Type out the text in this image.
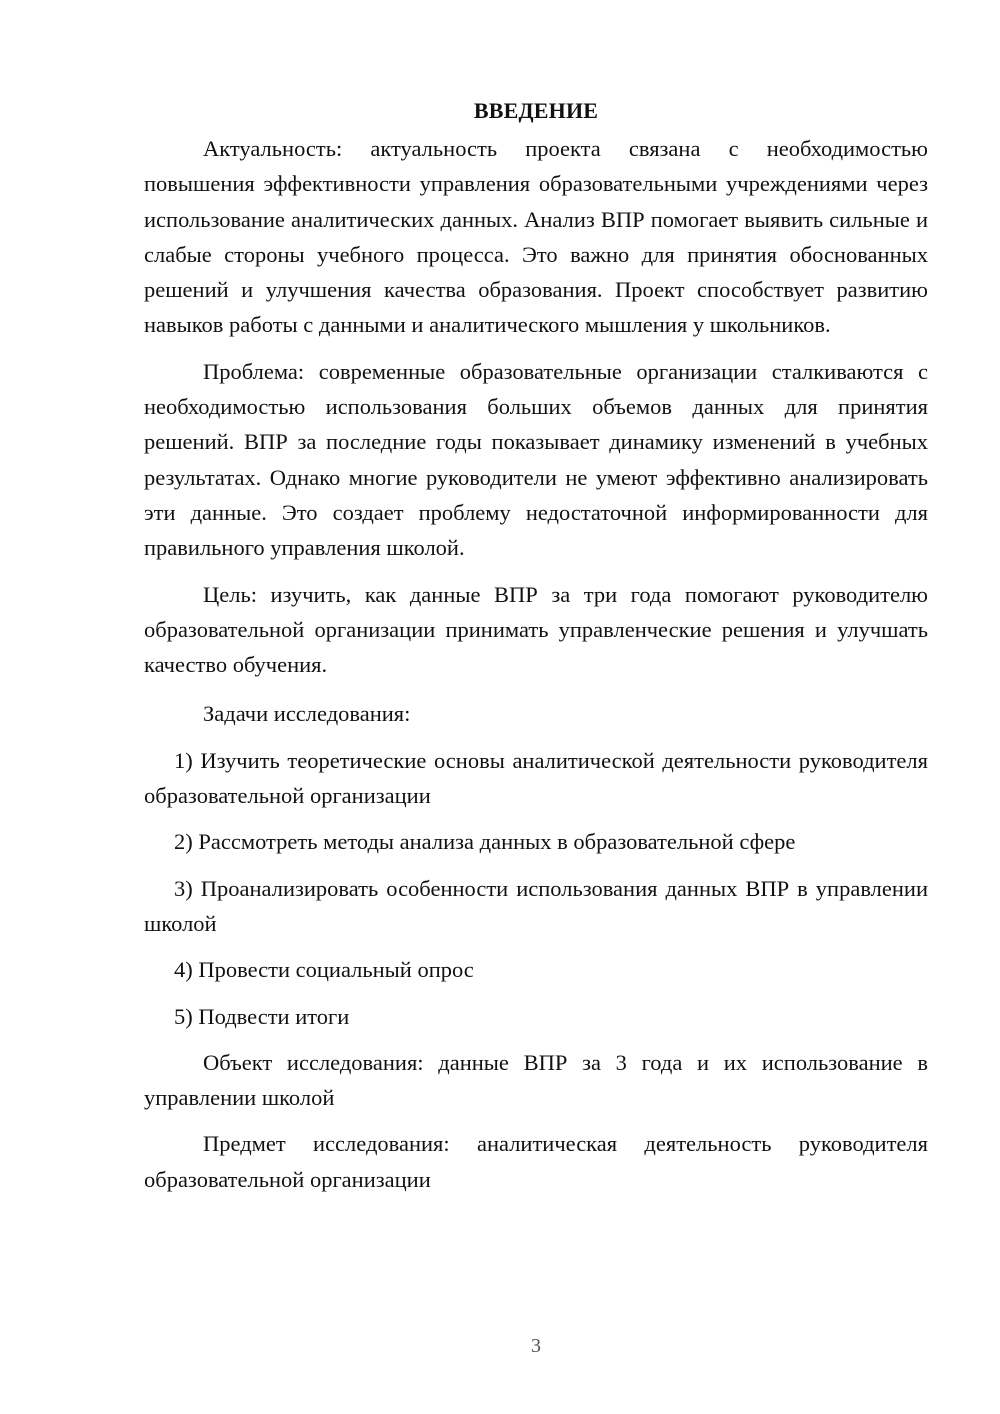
ВВЕДЕНИЕ

Актуальность: актуальность проекта связана с необходимостью повышения эффективности управления образовательными учреждениями через использование аналитических данных. Анализ ВПР помогает выявить сильные и слабые стороны учебного процесса. Это важно для принятия обоснованных решений и улучшения качества образования. Проект способствует развитию навыков работы с данными и аналитического мышления у школьников.

Проблема: современные образовательные организации сталкиваются с необходимостью использования больших объемов данных для принятия решений. ВПР за последние годы показывает динамику изменений в учебных результатах. Однако многие руководители не умеют эффективно анализировать эти данные. Это создает проблему недостаточной информированности для правильного управления школой.

Цель: изучить, как данные ВПР за три года помогают руководителю образовательной организации принимать управленческие решения и улучшать качество обучения.

Задачи исследования:

1) Изучить теоретические основы аналитической деятельности руководителя образовательной организации

2) Рассмотреть методы анализа данных в образовательной сфере

3) Проанализировать особенности использования данных ВПР в управлении школой

4) Провести социальный опрос

5) Подвести итоги

Объект исследования: данные ВПР за 3 года и их использование в управлении школой

Предмет исследования: аналитическая деятельность руководителя образовательной организации

3
